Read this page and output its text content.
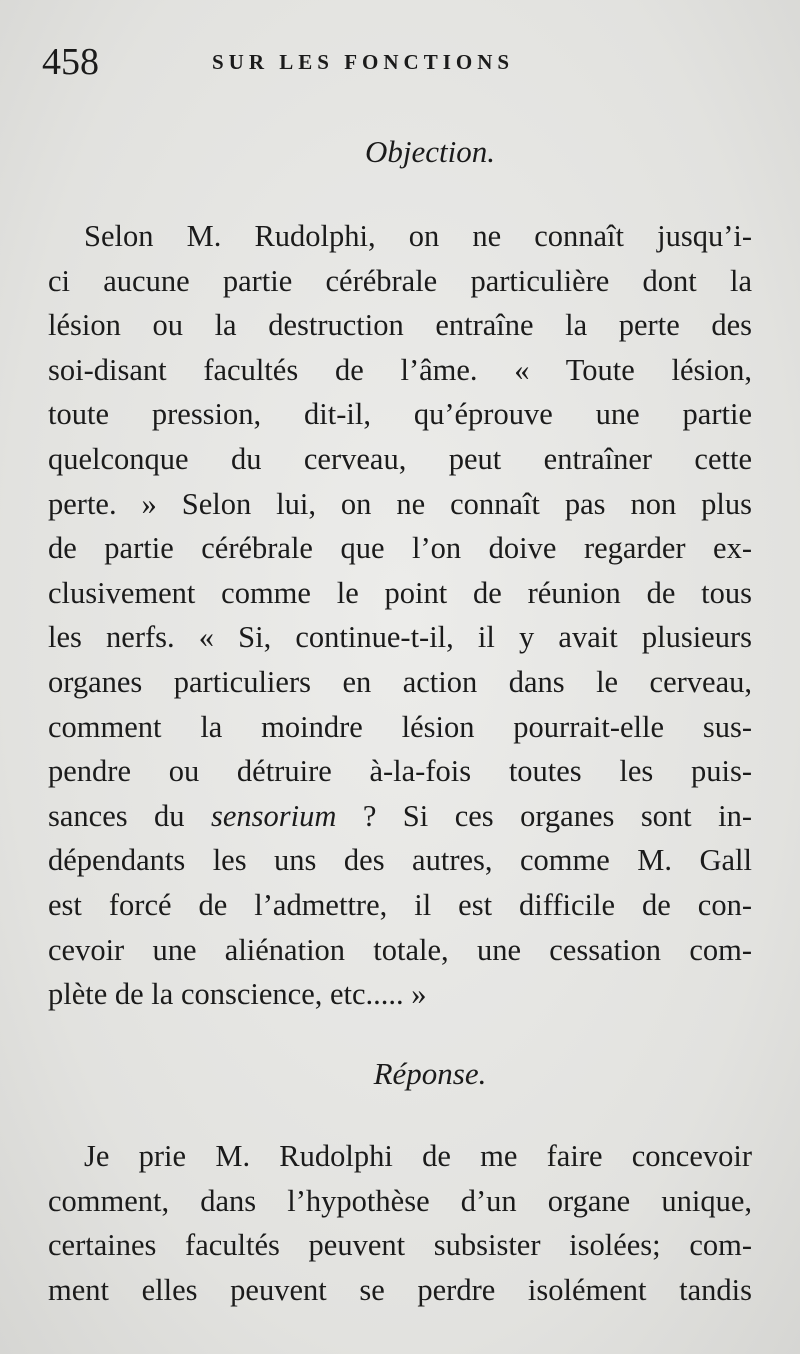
458	SUR LES FONCTIONS
Objection.
Selon M. Rudolphi, on ne connaît jusqu’i-
ci aucune partie cérébrale particulière dont la
lésion ou la destruction entraîne la perte des
soi-disant facultés de l’âme. « Toute lésion,
toute pression, dit-il, qu’éprouve une partie
quelconque du cerveau, peut entraîner cette
perte. » Selon lui, on ne connaît pas non plus
de partie cérébrale que l’on doive regarder ex-
clusivement comme le point de réunion de tous
les nerfs. « Si, continue-t-il, il y avait plusieurs
organes particuliers en action dans le cerveau,
comment la moindre lésion pourrait-elle sus-
pendre ou détruire à-la-fois toutes les puis-
sances du sensorium ? Si ces organes sont in-
dépendants les uns des autres, comme M. Gall
est forcé de l’admettre, il est difficile de con-
cevoir une aliénation totale, une cessation com-
plète de la conscience, etc..... »
Réponse.
Je prie M. Rudolphi de me faire concevoir
comment, dans l’hypothèse d’un organe unique,
certaines facultés peuvent subsister isolées; com-
ment elles peuvent se perdre isolément tandis
